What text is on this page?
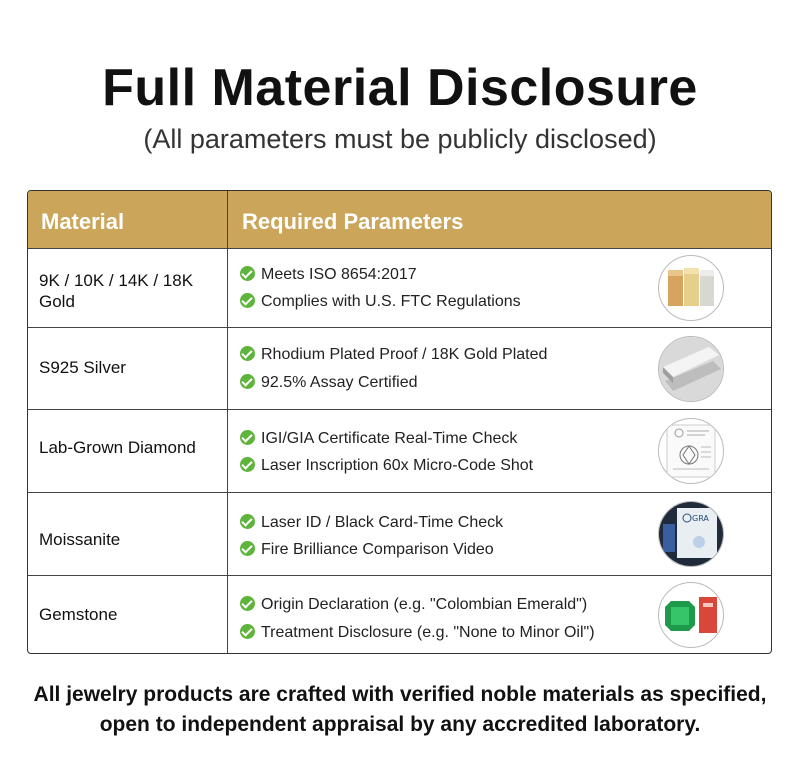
Full Material Disclosure
(All parameters must be publicly disclosed)
Material	Required Parameters
9K / 10K / 14K / 18K Gold
Meets ISO 8654:2017
Complies with U.S. FTC Regulations
S925 Silver
Rhodium Plated Proof / 18K Gold Plated
92.5% Assay Certified
Lab-Grown Diamond	IGI/GIA Certificate Real-Time Check
Laser Inscription 60x Micro-Code Shot
Moissanite
Laser ID / Black Card-Time Check
Fire Brilliance Comparison Video
GRA
Gemstone
Origin Declaration (e.g. "Colombian Emerald")
Treatment Disclosure (e.g. "None to Minor Oil")
All jewelry products are crafted with verified noble materials as specified,
open to independent appraisal by any accredited laboratory.
